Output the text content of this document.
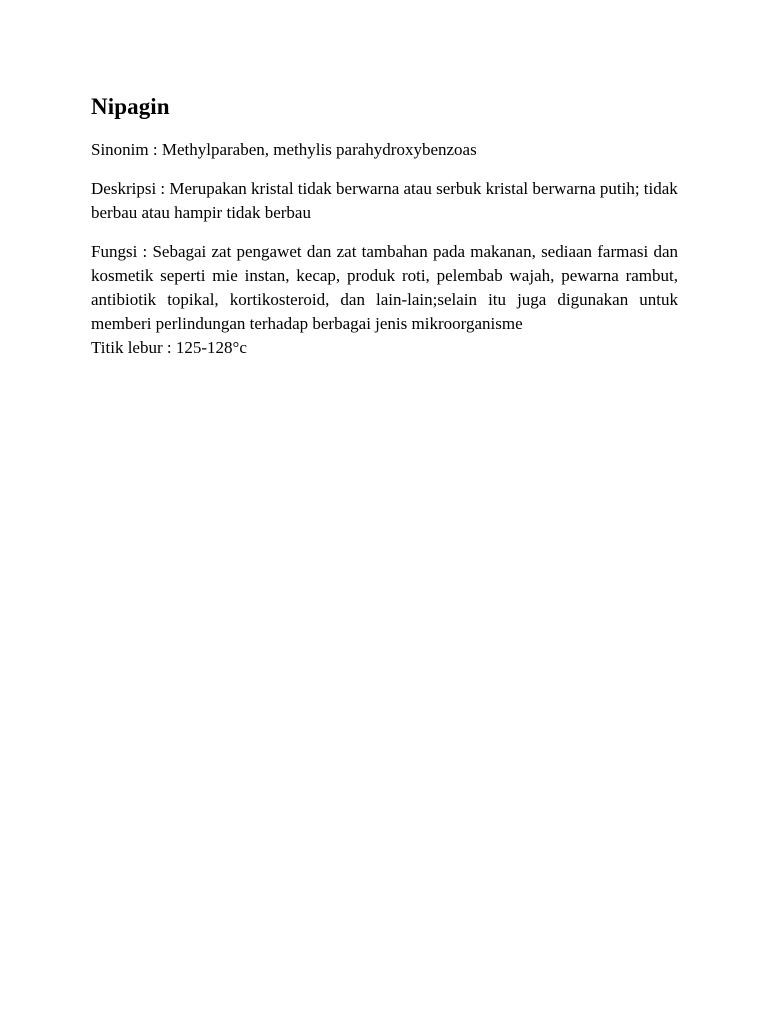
Nipagin

Sinonim : Methylparaben, methylis parahydroxybenzoas

Deskripsi : Merupakan kristal tidak berwarna atau serbuk kristal berwarna putih; tidak berbau atau hampir tidak berbau

Fungsi : Sebagai zat pengawet dan zat tambahan pada makanan, sediaan farmasi dan kosmetik seperti mie instan, kecap, produk roti, pelembab wajah, pewarna rambut, antibiotik topikal, kortikosteroid, dan lain-lain;selain itu juga digunakan untuk memberi perlindungan terhadap berbagai jenis mikroorganisme

Titik lebur : 125-128°c
